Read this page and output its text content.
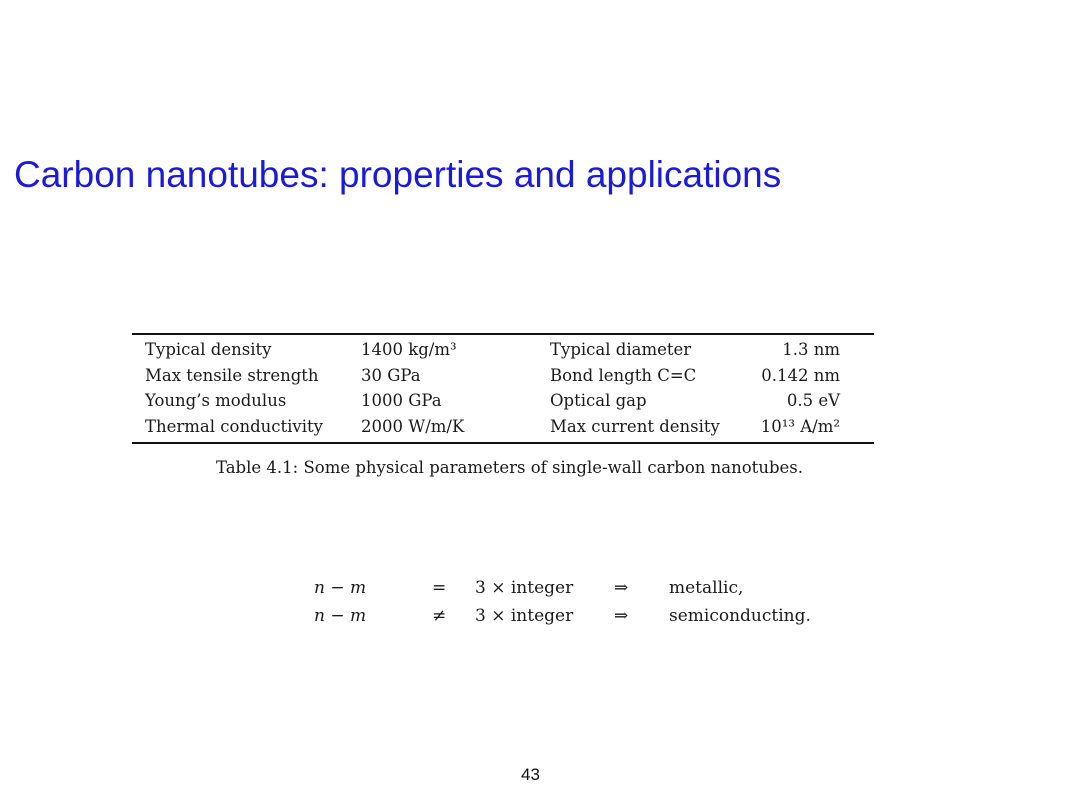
Carbon nanotubes: properties and applications
Typical density	1400 kg/m³	Typical diameter	1.3 nm
Max tensile strength	30 GPa	Bond length C=C	0.142 nm
Young’s modulus	1000 GPa	Optical gap	0.5 eV
Thermal conductivity 2000 W/m/K	Max current density 10¹³ A/m²
Table 4.1: Some physical parameters of single-wall carbon nanotubes.
n − m	= 3 × integer ⇒ metallic,
n − m	≠ 3 × integer ⇒ semiconducting.
43
